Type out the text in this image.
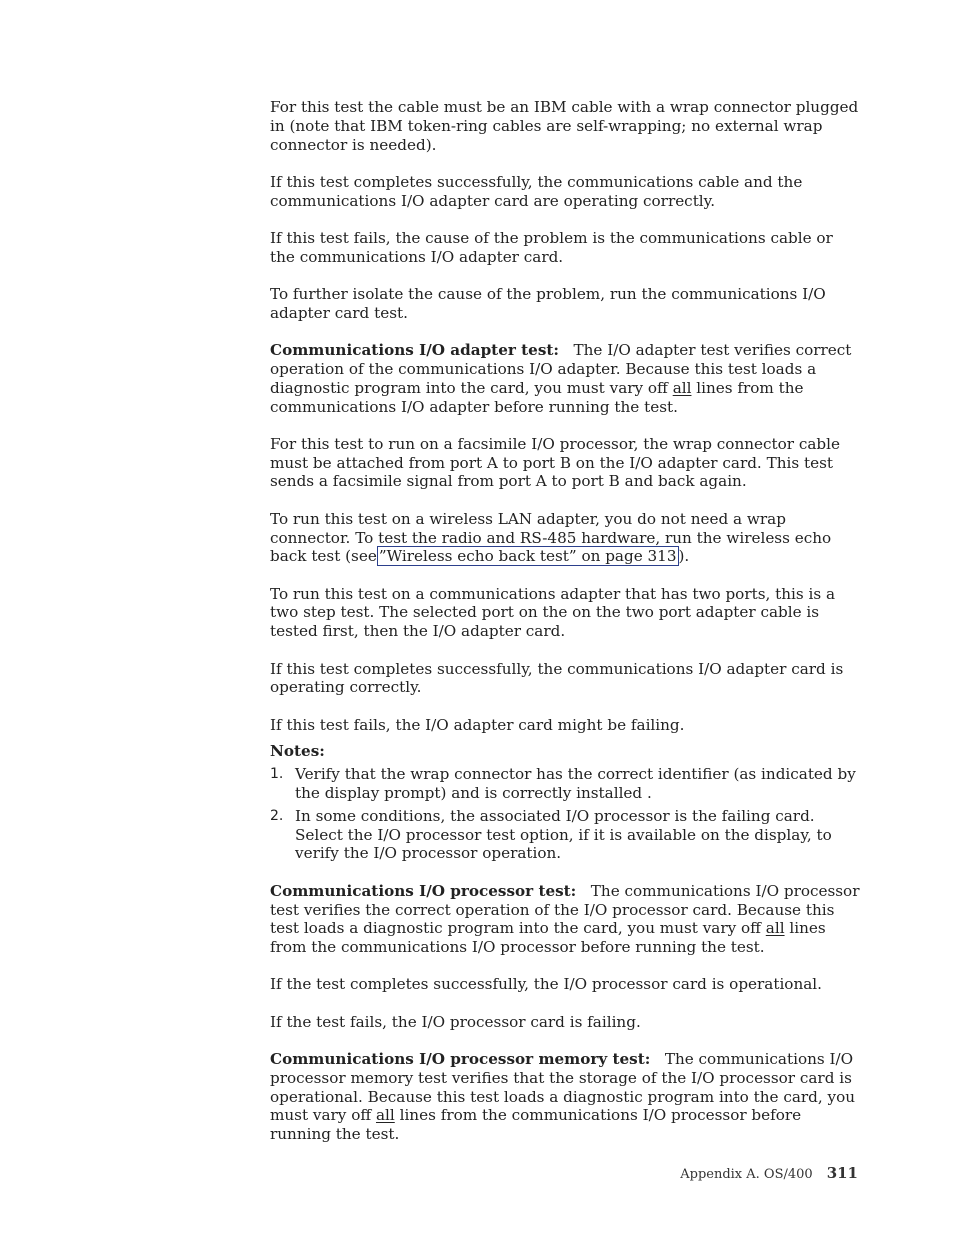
For this test the cable must be an IBM cable with a wrap connector plugged in (note that IBM token-ring cables are self-wrapping; no external wrap connector is needed).

If this test completes successfully, the communications cable and the communications I/O adapter card are operating correctly.

If this test fails, the cause of the problem is the communications cable or the communications I/O adapter card.

To further isolate the cause of the problem, run the communications I/O adapter card test.

Communications I/O adapter test: The I/O adapter test verifies correct operation of the communications I/O adapter. Because this test loads a diagnostic program into the card, you must vary off all lines from the communications I/O adapter before running the test.

For this test to run on a facsimile I/O processor, the wrap connector cable must be attached from port A to port B on the I/O adapter card. This test sends a facsimile signal from port A to port B and back again.

To run this test on a wireless LAN adapter, you do not need a wrap connector. To test the radio and RS-485 hardware, run the wireless echo back test (see ”Wireless echo back test” on page 313 ).

To run this test on a communications adapter that has two ports, this is a two step test. The selected port on the on the two port adapter cable is tested first, then the I/O adapter card.

If this test completes successfully, the communications I/O adapter card is operating correctly.

If this test fails, the I/O adapter card might be failing.

Notes:

1. Verify that the wrap connector has the correct identifier (as indicated by the display prompt) and is correctly installed .
2. In some conditions, the associated I/O processor is the failing card. Select the I/O processor test option, if it is available on the display, to verify the I/O processor operation.

Communications I/O processor test: The communications I/O processor test verifies the correct operation of the I/O processor card. Because this test loads a diagnostic program into the card, you must vary off all lines from the communications I/O processor before running the test.

If the test completes successfully, the I/O processor card is operational.

If the test fails, the I/O processor card is failing.

Communications I/O processor memory test: The communications I/O processor memory test verifies that the storage of the I/O processor card is operational. Because this test loads a diagnostic program into the card, you must vary off all lines from the communications I/O processor before running the test.

Appendix A. OS/400 311
